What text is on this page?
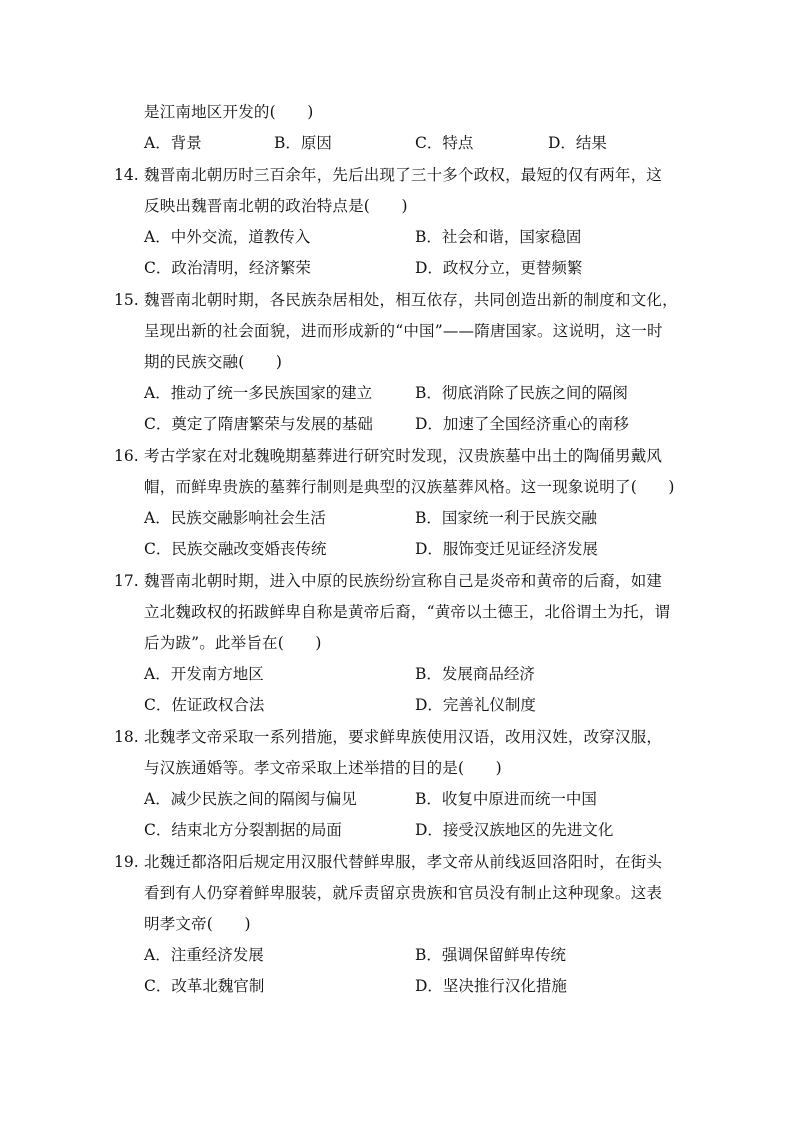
是江南地区开发的(　　)
A．背景	B．原因	C．特点	D．结果
14. 魏晋南北朝历时三百余年，先后出现了三十多个政权，最短的仅有两年，这
反映出魏晋南北朝的政治特点是(　　)
A．中外交流，道教传入	B．社会和谐，国家稳固
C．政治清明，经济繁荣	D．政权分立，更替频繁
15. 魏晋南北朝时期，各民族杂居相处，相互依存，共同创造出新的制度和文化，
呈现出新的社会面貌，进而形成新的“中国”——隋唐国家。这说明，这一时
期的民族交融(　　)
A．推动了统一多民族国家的建立	B．彻底消除了民族之间的隔阂
C．奠定了隋唐繁荣与发展的基础	D．加速了全国经济重心的南移
16. 考古学家在对北魏晚期墓葬进行研究时发现，汉贵族墓中出土的陶俑男戴风
帽，而鲜卑贵族的墓葬行制则是典型的汉族墓葬风格。这一现象说明了(　　)
A．民族交融影响社会生活	B．国家统一利于民族交融
C．民族交融改变婚丧传统	D．服饰变迁见证经济发展
17. 魏晋南北朝时期，进入中原的民族纷纷宣称自己是炎帝和黄帝的后裔，如建
立北魏政权的拓跋鲜卑自称是黄帝后裔，“黄帝以土德王，北俗谓土为托，谓
后为跋”。此举旨在(　　)
A．开发南方地区	B．发展商品经济
C．佐证政权合法	D．完善礼仪制度
18. 北魏孝文帝采取一系列措施，要求鲜卑族使用汉语，改用汉姓，改穿汉服，
与汉族通婚等。孝文帝采取上述举措的目的是(　　)
A．减少民族之间的隔阂与偏见	B．收复中原进而统一中国
C．结束北方分裂割据的局面	D．接受汉族地区的先进文化
19. 北魏迁都洛阳后规定用汉服代替鲜卑服，孝文帝从前线返回洛阳时，在街头
看到有人仍穿着鲜卑服装，就斥责留京贵族和官员没有制止这种现象。这表
明孝文帝(　　)
A．注重经济发展	B．强调保留鲜卑传统
C．改革北魏官制	D．坚决推行汉化措施
